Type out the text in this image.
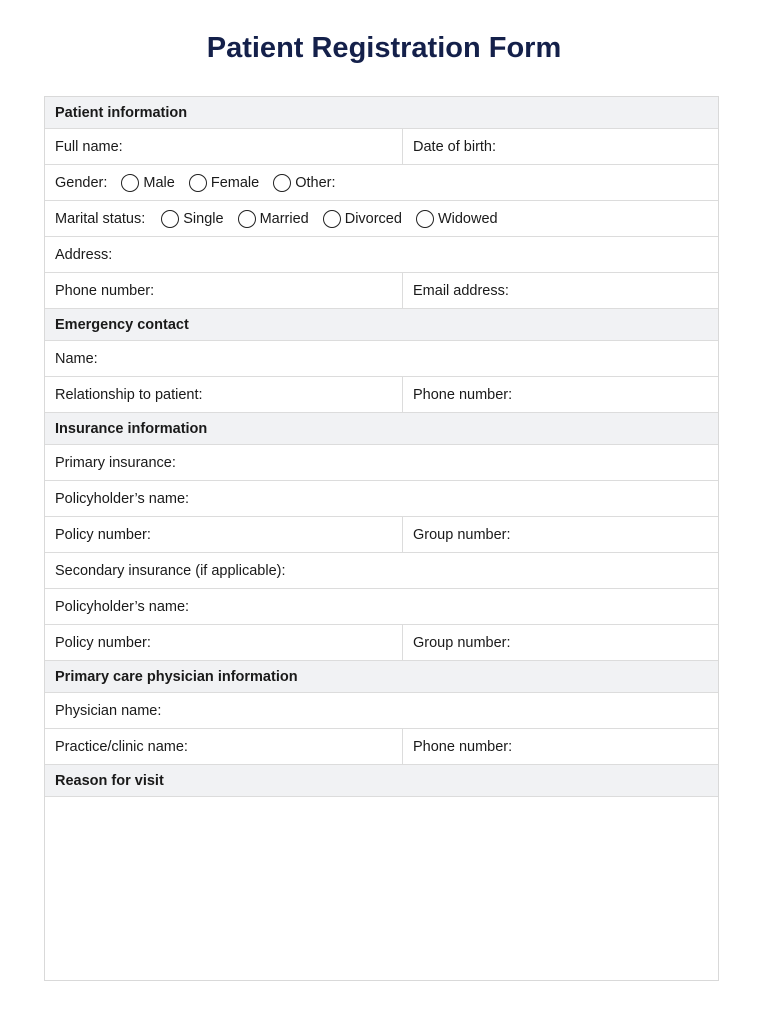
Patient Registration Form
Patient information
Full name:	Date of birth:
Gender: Male Female Other:
Marital status:	Single Married Divorced Widowed
Address:
Phone number:	Email address:
Emergency contact
Name:
Relationship to patient:	Phone number:
Insurance information
Primary insurance:
Policyholder’s name:
Policy number:	Group number:
Secondary insurance (if applicable):
Policyholder’s name:
Policy number:	Group number:
Primary care physician information
Physician name:
Practice/clinic name:	Phone number:
Reason for visit
